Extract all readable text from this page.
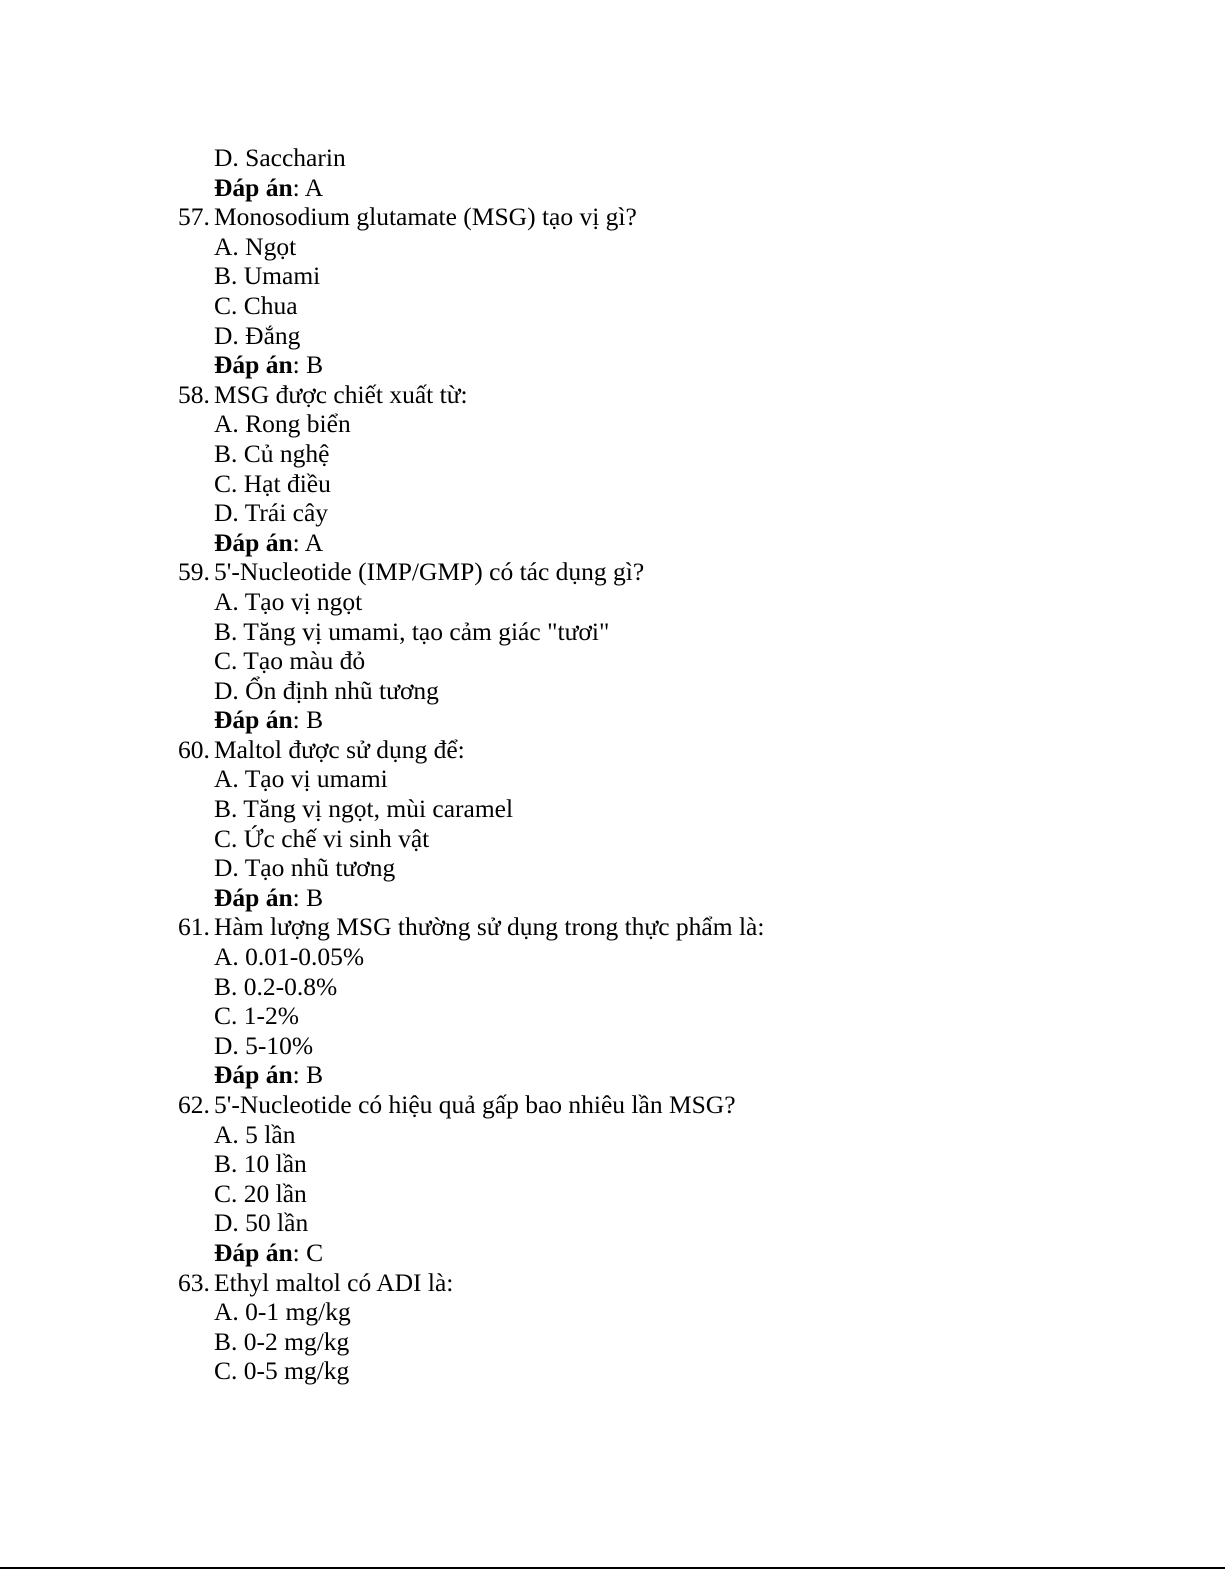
D. Saccharin
Đáp án: A
57. Monosodium glutamate (MSG) tạo vị gì?
A. Ngọt
B. Umami
C. Chua
D. Đắng
Đáp án: B
58. MSG được chiết xuất từ:
A. Rong biển
B. Củ nghệ
C. Hạt điều
D. Trái cây
Đáp án: A
59. 5'-Nucleotide (IMP/GMP) có tác dụng gì?
A. Tạo vị ngọt
B. Tăng vị umami, tạo cảm giác "tươi"
C. Tạo màu đỏ
D. Ổn định nhũ tương
Đáp án: B
60. Maltol được sử dụng để:
A. Tạo vị umami
B. Tăng vị ngọt, mùi caramel
C. Ức chế vi sinh vật
D. Tạo nhũ tương
Đáp án: B
61. Hàm lượng MSG thường sử dụng trong thực phẩm là:
A. 0.01-0.05%
B. 0.2-0.8%
C. 1-2%
D. 5-10%
Đáp án: B
62. 5'-Nucleotide có hiệu quả gấp bao nhiêu lần MSG?
A. 5 lần
B. 10 lần
C. 20 lần
D. 50 lần
Đáp án: C
63. Ethyl maltol có ADI là:
A. 0-1 mg/kg
B. 0-2 mg/kg
C. 0-5 mg/kg
